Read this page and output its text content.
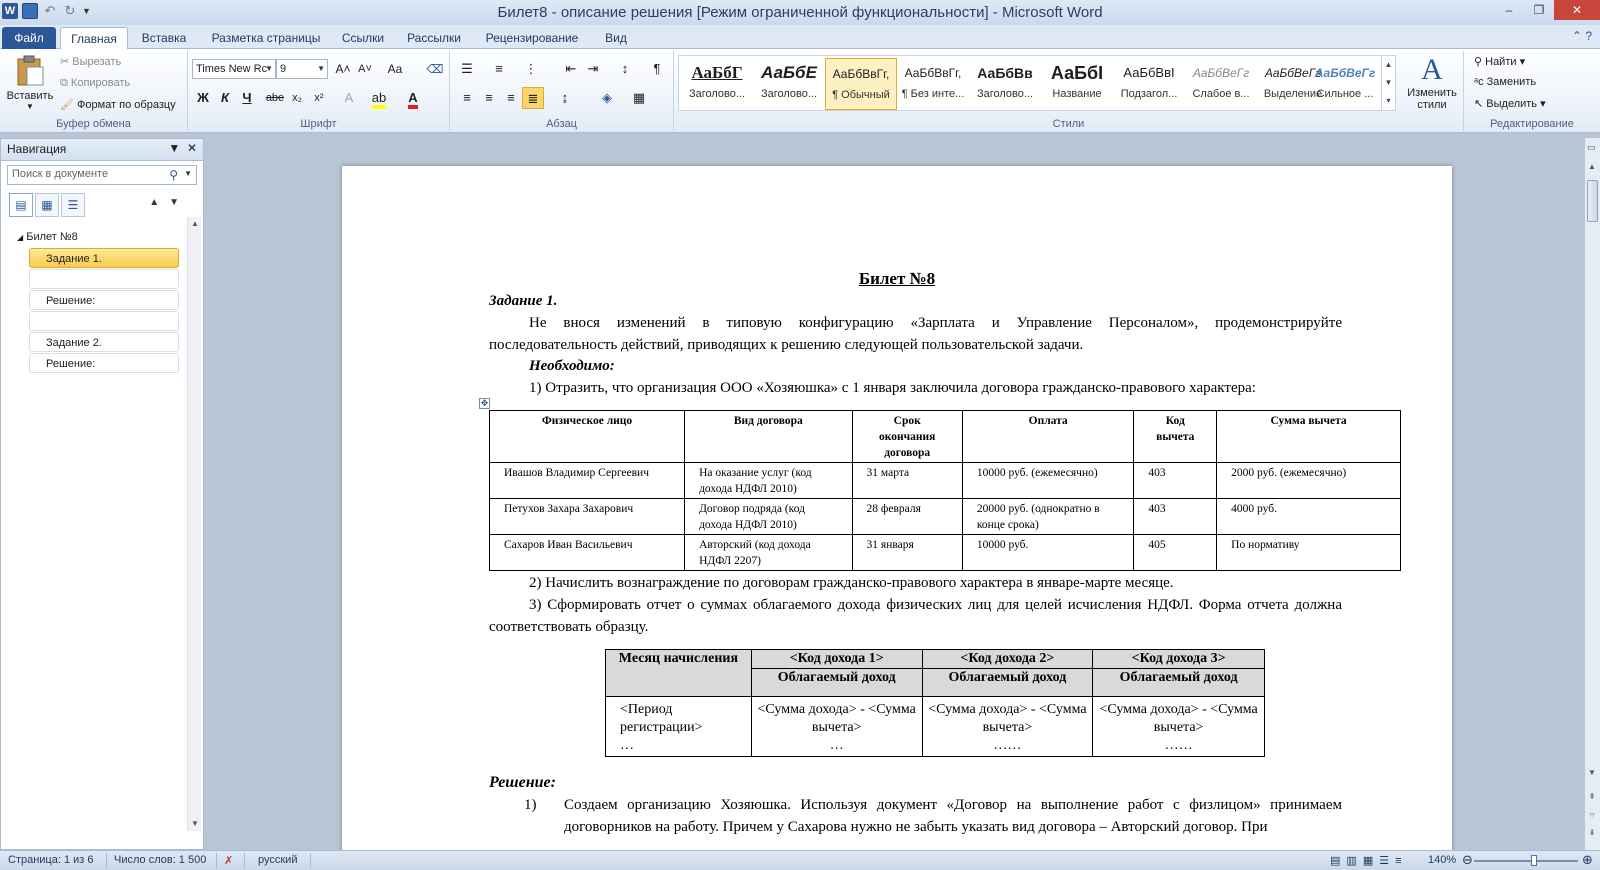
W ↶ ↻ ▼	Билет8 - описание решения [Режим ограниченной функциональности] - Microsoft Word	–	❐	✕
Файл	Главная	Вставка	Разметка страницы	Ссылки	Рассылки	Рецензирование	Вид	⌃ ?
Вставить
▼
✂ Вырезать
⧉ Копировать
🖌 Формат по образцу
Буфер обмена
Times New Rc
▼ 9	▼ A˄ A˅	Aa	⌫
Ж К	Ч	abe x₂	x²	A	ab	A
Шрифт
☰	≡	⋮	⇤ ⇥	↕	¶
≡	≡	≡ ≣	↨	◈	▦
Абзац
АаБбГ
Заголово...
АаБбЕ
Заголово...
АаБбВвГг,
¶ Обычный
АаБбВвГг,
¶ Без инте...
АаБбВв
Заголово...
АаБбІ
Название
АаБбВвІ
Подзагол...
АаБбВеГг
Слабое в...
АаБбВеГг
Выделение
АаБбВеГг
Сильное ...
▲
▼
▾
A
Изменить
стили
Стили
⚲ Найти ▾
ᵃc Заменить
↖ Выделить ▾
Редактирование
Навигация	▼ ✕
Поиск в документе	⚲ ▼
▤	▦	☰	▲▼
◢ Билет №8
Задание 1.
Решение:
Задание 2.
Решение:
▲
▼
Билет №8
Задание 1.
Не внося изменений в типовую конфигурацию «Зарплата и Управление Персоналом», продемонстрируйте последовательность действий, приводящих к решению следующей пользовательской задачи.
Необходимо:
1) Отразить, что организация ООО «Хозяюшка» с 1 января заключила договора гражданско-правового характера:
✥
Физическое лицо	Вид договора	Срок окончания договора	Оплата	Код вычета	Сумма вычета
Ивашов Владимир Сергеевич	На оказание услуг (код дохода НДФЛ 2010)	31 марта	10000 руб. (ежемесячно)	403	2000 руб. (ежемесячно)
Петухов Захара Захарович	Договор подряда (код дохода НДФЛ 2010)	28 февраля	20000 руб. (однократно в конце срока)	403	4000 руб.
Сахаров Иван Васильевич	Авторский (код дохода НДФЛ 2207)	31 января	10000 руб.	405	По нормативу
2) Начислить вознаграждение по договорам гражданско-правового характера в январе-марте месяце.
3) Сформировать отчет о суммах облагаемого дохода физических лиц для целей исчисления НДФЛ. Форма отчета должна соответствовать образцу.
Месяц начисления	<Код дохода 1>	<Код дохода 2>	<Код дохода 3>
	Облагаемый доход	Облагаемый доход	Облагаемый доход
<Период регистрации>
…	<Сумма дохода> - <Сумма вычета>
…	<Сумма дохода> - <Сумма вычета>
……	<Сумма дохода> - <Сумма вычета>
……
Решение:
1) Создаем организацию Хозяюшка. Используя документ «Договор на выполнение работ с физлицом» принимаем договорников на работу. Причем у Сахарова нужно не забыть указать вид договора – Авторский договор. При
▭
▲
▼
⇞
○
⇟
Страница: 1 из 6 Число слов: 1 500 ✗ русский	▤▥▦☰≡ 140% ⊖	⊕
